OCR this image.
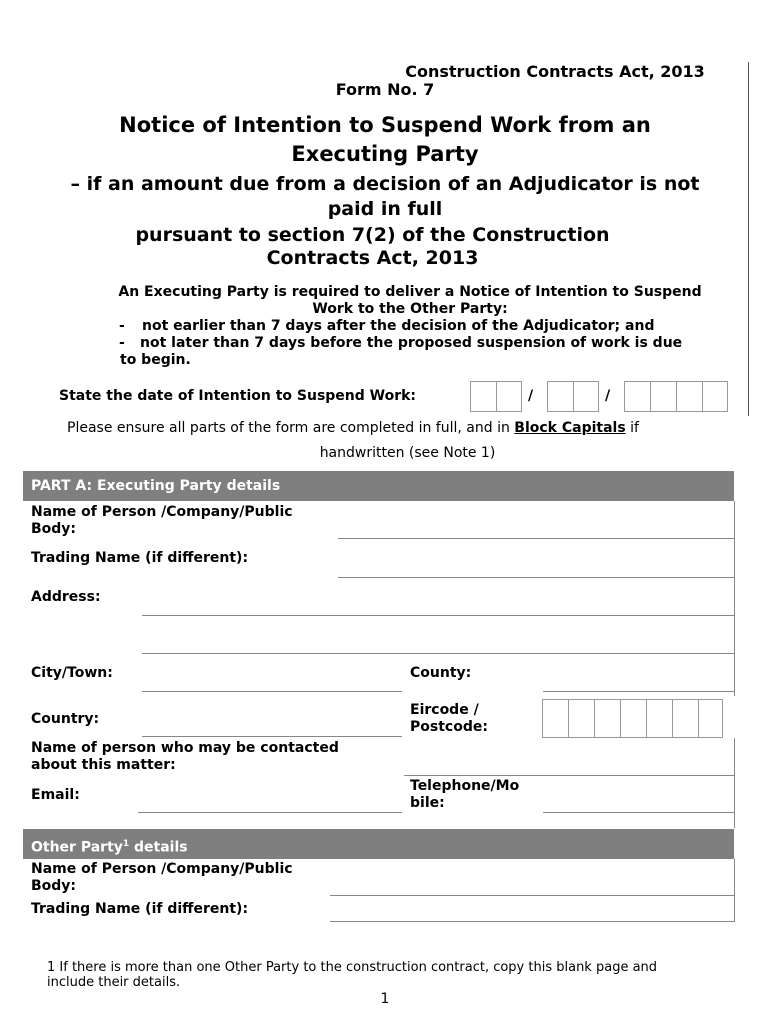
Construction Contracts Act, 2013
Form No. 7
Notice of Intention to Suspend Work from an
Executing Party
– if an amount due from a decision of an Adjudicator is not
paid in full
pursuant to section 7(2) of the Construction
Contracts Act, 2013
An Executing Party is required to deliver a Notice of Intention to Suspend
Work to the Other Party:
- not earlier than 7 days after the decision of the Adjudicator; and
- not later than 7 days before the proposed suspension of work is due
to begin.
State the date of Intention to Suspend Work:	/	/
Please ensure all parts of the form are completed in full, and in Block Capitals if
handwritten (see Note 1)
PART A: Executing Party details
Name of Person /Company/Public
Body:
Trading Name (if different):
Address:
City/Town:	County:
Country:
Eircode /
Postcode:
Name of person who may be contacted
about this matter:
Email:
Telephone/Mo
bile:
Other Party$^1$ details
Name of Person /Company/Public
Body:
Trading Name (if different):
1 If there is more than one Other Party to the construction contract, copy this blank page and
include their details.
1
